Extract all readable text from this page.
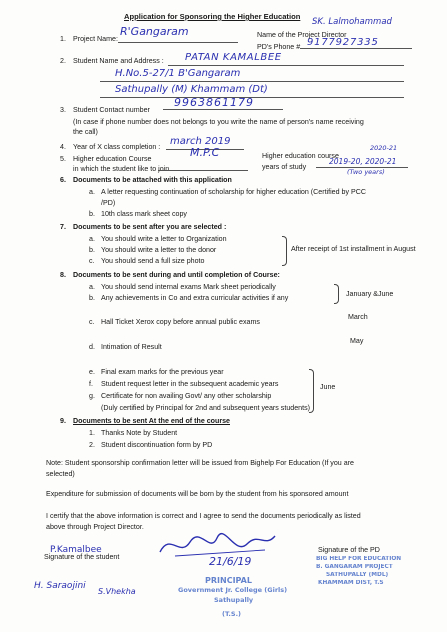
Application for Sponsoring the Higher Education
1. Project Name:
R'Gangaram	Name of the Project Director
SK. Lalmohammad
PD's Phone # 9177927335
2. Student Name and Address : PATAN KAMALBEE
H.No.5-27/1 B'Gangaram
Sathupally (M) Khammam (Dt)
3. Student Contact number
9963861179
(In case if phone number does not belongs to you write the name of person's name receiving
the call)
4. Year of X class completion : march 2019
5. Higher education Course
in which the student like to join
M.P.C	Higher education course
years of study
2020-21
2019-20, 2020-21
(Two years)
6. Documents to be attached with this application
a. A letter requesting continuation of scholarship for higher education (Certified by PCC
/PD)
b. 10th class mark sheet copy
7. Documents to be sent after you are selected :
a. You should write a letter to Organization
b. You should write a letter to the donor
c. You should send a full size photo
After receipt of 1st installment in August
8. Documents to be sent during and until completion of Course:
a. You should send internal exams Mark sheet periodically
b. Any achievements in Co and extra curricular activities if any	January &June
c. Hall Ticket Xerox copy before annual public exams
March
d. Intimation of Result
May
e. Final exam marks for the previous year
f. Student request letter in the subsequent academic years
g. Certificate for non availing Govt/ any other scholarship
(Duly certified by Principal for 2nd and subsequent years students)
June
9. Documents to be sent At the end of the course
1. Thanks Note by Student
2. Student discontinuation form by PD
Note: Student sponsorship confirmation letter will be issued from Bighelp For Education (If you are
selected)
Expenditure for submission of documents will be born by the student from his sponsored amount
I certify that the above information is correct and I agree to send the documents periodically as listed
above through Project Director.
P.Kamalbee
Signature of the student	21/6/19
Signature of the PD
BIG HELP FOR EDUCATION
B. GANGARAM PROJECT
SATHUPALLY (MDL)
KHAMMAM DIST, T.S
PRINCIPAL
Government Jr. College (Girls)
Sathupally
(T.S.)
H. Saraojini
S.Vhekha
